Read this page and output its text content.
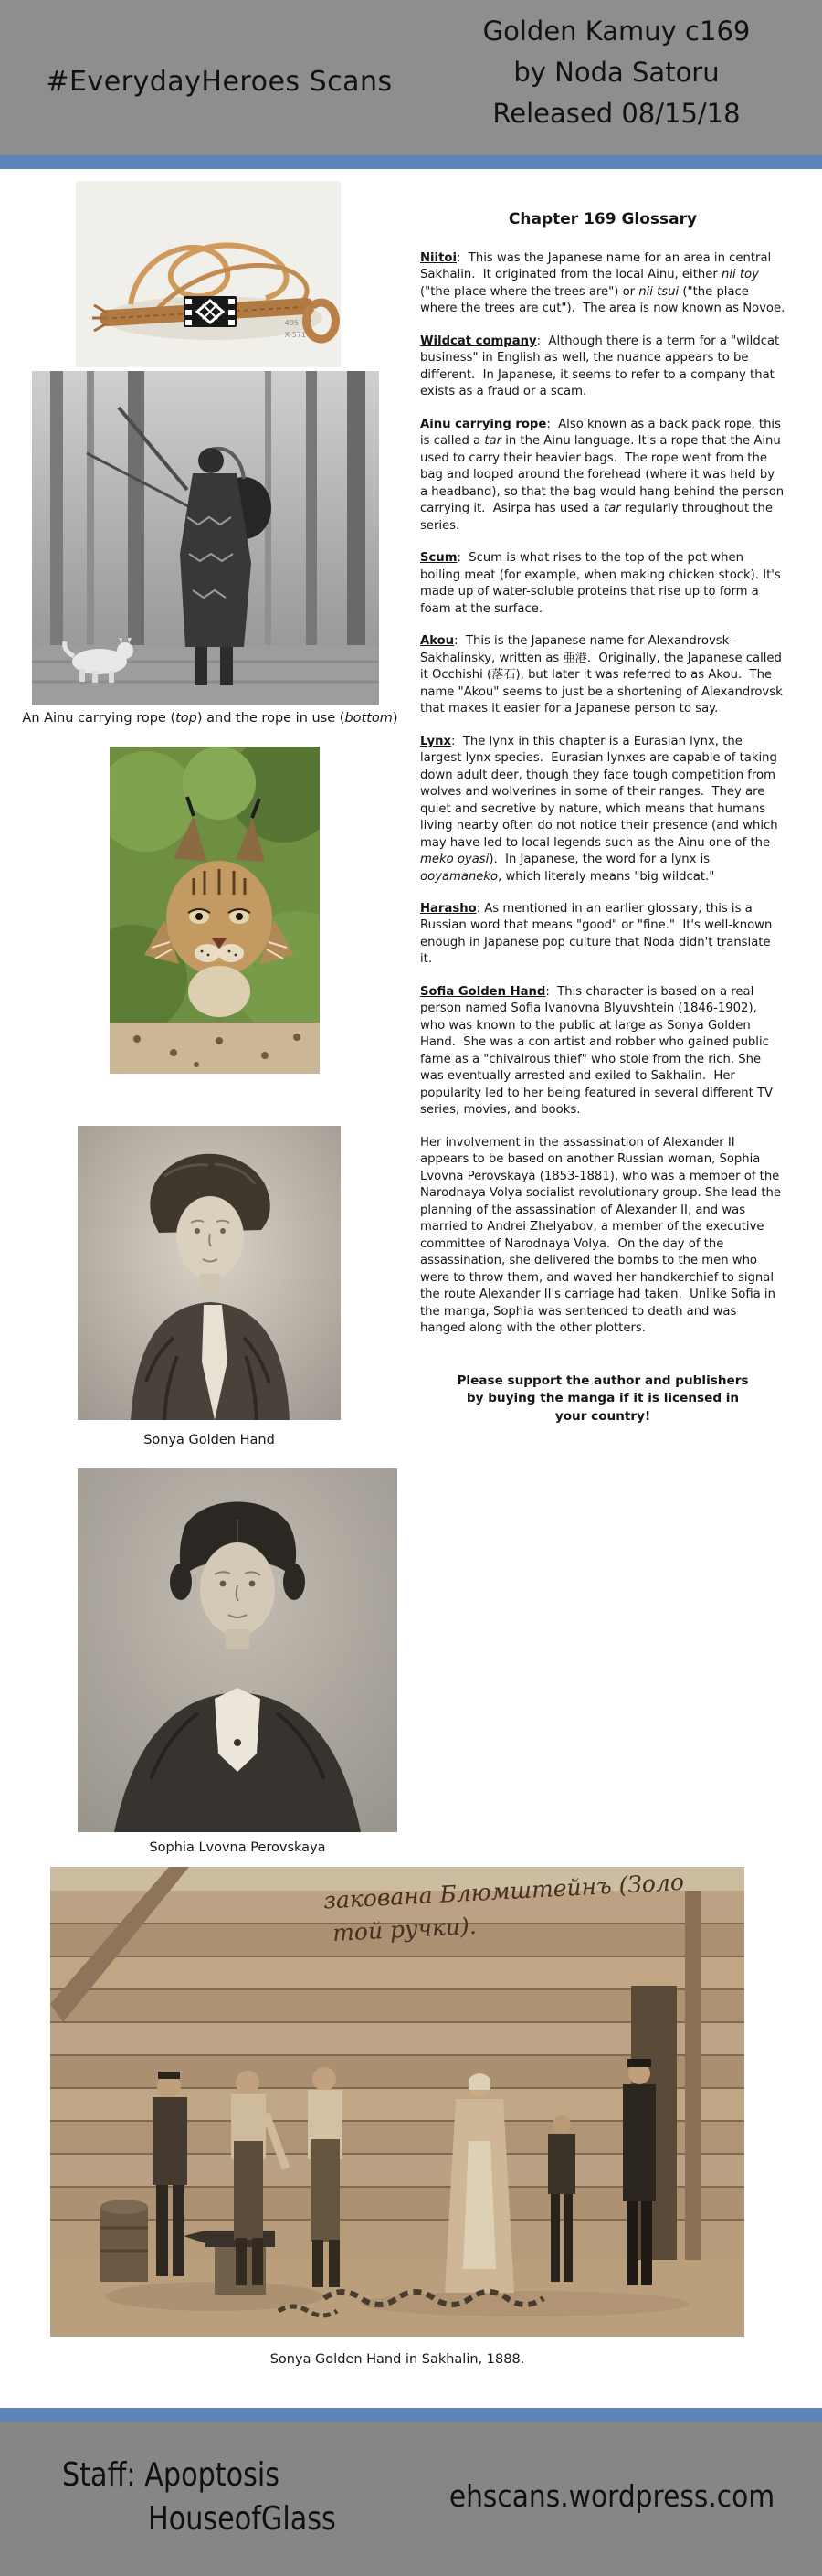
#EverydayHeroes Scans
Golden Kamuy c169
by Noda Satoru
Released 08/15/18
495
X-571
An Ainu carrying rope (top) and the rope in use (bottom)
Sonya Golden Hand
Sophia Lvovna Perovskaya
Chapter 169 Glossary
Niitoi:  This was the Japanese name for an area in central Sakhalin.  It originated from the local Ainu, either nii toy ("the place where the trees are") or nii tsui ("the place where the trees are cut").  The area is now known as Novoe.
Wildcat company:  Although there is a term for a "wildcat business" in English as well, the nuance appears to be different.  In Japanese, it seems to refer to a company that exists as a fraud or a scam.
Ainu carrying rope:  Also known as a back pack rope, this is called a tar in the Ainu language. It's a rope that the Ainu used to carry their heavier bags.  The rope went from the bag and looped around the forehead (where it was held by a headband), so that the bag would hang behind the person carrying it.  Asirpa has used a tar regularly throughout the series.
Scum:  Scum is what rises to the top of the pot when boiling meat (for example, when making chicken stock). It's made up of water-soluble proteins that rise up to form a foam at the surface.
Akou:  This is the Japanese name for Alexandrovsk-Sakhalinsky, written as 亜港.  Originally, the Japanese called it Occhishi (落石), but later it was referred to as Akou.  The name "Akou" seems to just be a shortening of Alexandrovsk that makes it easier for a Japanese person to say.
Lynx:  The lynx in this chapter is a Eurasian lynx, the largest lynx species.  Eurasian lynxes are capable of taking down adult deer, though they face tough competition from wolves and wolverines in some of their ranges.  They are quiet and secretive by nature, which means that humans living nearby often do not notice their presence (and which may have led to local legends such as the Ainu one of the meko oyasi).  In Japanese, the word for a lynx is ooyamaneko, which literaly means "big wildcat."
Harasho: As mentioned in an earlier glossary, this is a Russian word that means "good" or "fine."  It's well-known enough in Japanese pop culture that Noda didn't translate it.
Sofia Golden Hand:  This character is based on a real person named Sofia Ivanovna Blyuvshtein (1846-1902), who was known to the public at large as Sonya Golden Hand.  She was a con artist and robber who gained public fame as a "chivalrous thief" who stole from the rich. She was eventually arrested and exiled to Sakhalin.  Her popularity led to her being featured in several different TV series, movies, and books.
Her involvement in the assassination of Alexander II appears to be based on another Russian woman, Sophia Lvovna Perovskaya (1853-1881), who was a member of the Narodnaya Volya socialist revolutionary group. She lead the planning of the assassination of Alexander II, and was married to Andrei Zhelyabov, a member of the executive committee of Narodnaya Volya.  On the day of the assassination, she delivered the bombs to the men who were to throw them, and waved her handkerchief to signal the route Alexander II's carriage had taken.  Unlike Sofia in the manga, Sophia was sentenced to death and was hanged along with the other plotters.
Please support the author and publishers by buying the manga if it is licensed in your country!
закована Блюмштейнъ (Золо
той ручки).
Sonya Golden Hand in Sakhalin, 1888.
Staff: Apoptosis
HouseofGlass
ehscans.wordpress.com
